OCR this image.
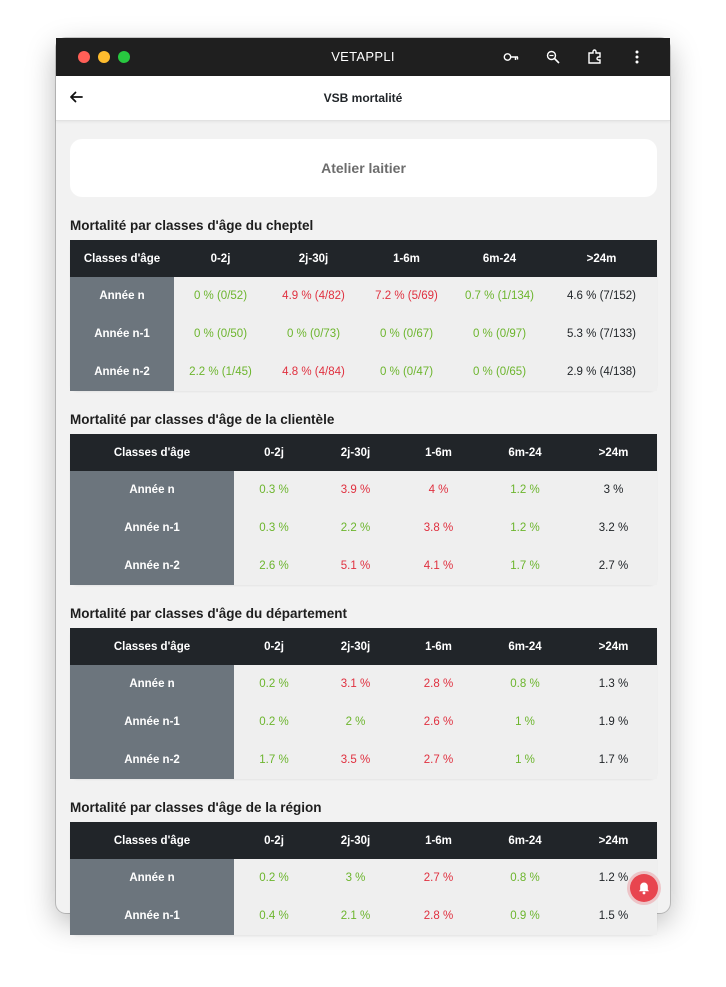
VETAPPLI
VSB mortalité
Atelier laitier
Mortalité par classes d'âge du cheptel
Classes d'âge	0-2j	2j-30j	1-6m	6m-24	>24m
Année n	0 % (0/52)	4.9 % (4/82)	7.2 % (5/69)	0.7 % (1/134)	4.6 % (7/152)
Année n-1	0 % (0/50)	0 % (0/73)	0 % (0/67)	0 % (0/97)	5.3 % (7/133)
Année n-2	2.2 % (1/45)	4.8 % (4/84)	0 % (0/47)	0 % (0/65)	2.9 % (4/138)
Mortalité par classes d'âge de la clientèle
Classes d'âge	0-2j	2j-30j	1-6m	6m-24	>24m
Année n	0.3 %	3.9 %	4 %	1.2 %	3 %
Année n-1	0.3 %	2.2 %	3.8 %	1.2 %	3.2 %
Année n-2	2.6 %	5.1 %	4.1 %	1.7 %	2.7 %
Mortalité par classes d'âge du département
Classes d'âge	0-2j	2j-30j	1-6m	6m-24	>24m
Année n	0.2 %	3.1 %	2.8 %	0.8 %	1.3 %
Année n-1	0.2 %	2 %	2.6 %	1 %	1.9 %
Année n-2	1.7 %	3.5 %	2.7 %	1 %	1.7 %
Mortalité par classes d'âge de la région
Classes d'âge	0-2j	2j-30j	1-6m	6m-24	>24m
Année n	0.2 %	3 %	2.7 %	0.8 %	1.2 %
Année n-1	0.4 %	2.1 %	2.8 %	0.9 %	1.5 %
